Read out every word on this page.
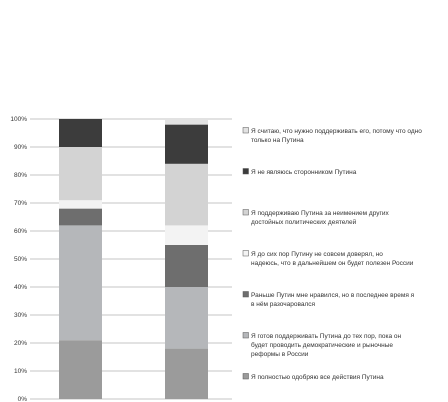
0%
10%
20%
30%
40%
50%
60%
70%
80%
90%
100%
Я считаю, что нужно поддерживать его, потому что одно
только на Путина
Я не являюсь сторонником Путина
Я поддерживаю Путина за неимением других
достойных политических деятелей
Я до сих пор Путину не совсем доверял, но
надеюсь, что в дальнейшем он будет полезен России
Раньше Путин мне нравился, но в последнее время я
в нём разочаровался
Я готов поддерживать Путина до тех пор, пока он
будет проводить демократические и рыночные
реформы в России
Я полностью одобряю все действия Путина
